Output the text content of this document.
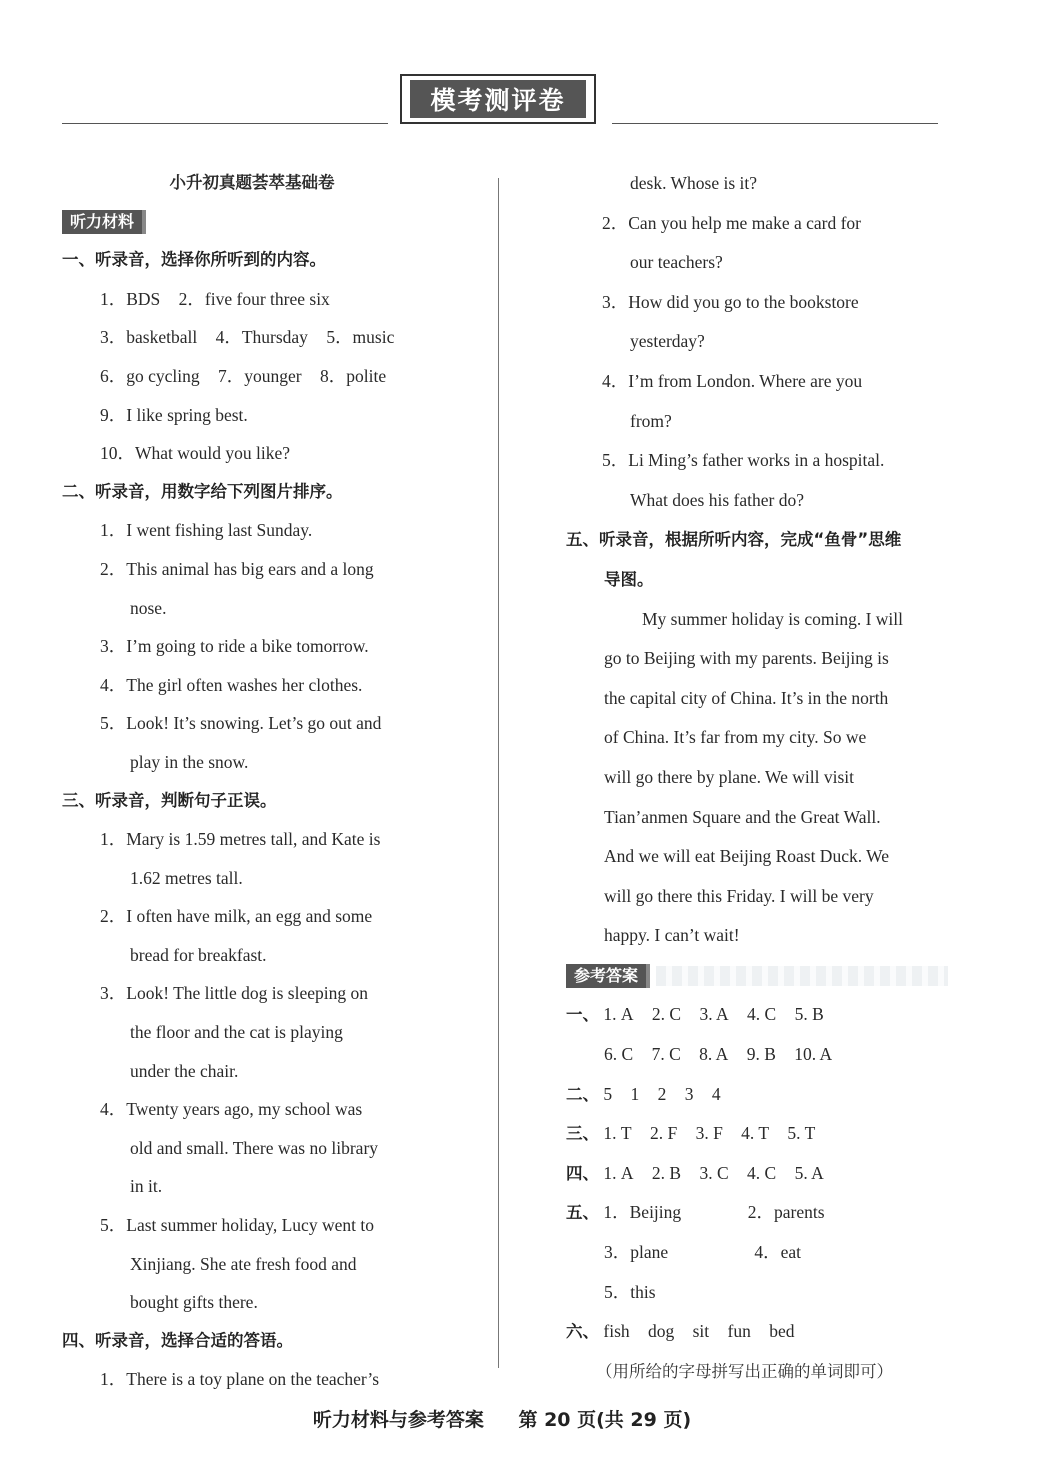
模考测评卷
小升初真题荟萃基础卷
听力材料
一、听录音，选择你所听到的内容。
1．BDS 2．five four three six
3．basketball 4．Thursday 5．music
6．go cycling 7．younger 8．polite
9．I like spring best.
10．What would you like?
二、听录音，用数字给下列图片排序。
1．I went fishing last Sunday.
2．This animal has big ears and a long
nose.
3．I’m going to ride a bike tomorrow.
4．The girl often washes her clothes.
5．Look! It’s snowing. Let’s go out and
play in the snow.
三、听录音，判断句子正误。
1．Mary is 1.59 metres tall, and Kate is
1.62 metres tall.
2．I often have milk, an egg and some
bread for breakfast.
3．Look! The little dog is sleeping on
the floor and the cat is playing
under the chair.
4．Twenty years ago, my school was
old and small. There was no library
in it.
5．Last summer holiday, Lucy went to
Xinjiang. She ate fresh food and
bought gifts there.
四、听录音，选择合适的答语。
1．There is a toy plane on the teacher’s
desk. Whose is it?
2．Can you help me make a card for
our teachers?
3．How did you go to the bookstore
yesterday?
4．I’m from London. Where are you
from?
5．Li Ming’s father works in a hospital.
What does his father do?
五、听录音，根据所听内容，完成“鱼骨”思维
导图。
My summer holiday is coming. I will
go to Beijing with my parents. Beijing is
the capital city of China. It’s in the north
of China. It’s far from my city. So we
will go there by plane. We will visit
Tian’anmen Square and the Great Wall.
And we will eat Beijing Roast Duck. We
will go there this Friday. I will be very
happy. I can’t wait!
参考答案
一、 1. A 2. C 3. A 4. C 5. B
6. C 7. C 8. A 9. B 10. A
二、 5 1 2 3 4
三、 1. T 2. F 3. F 4. T 5. T
四、 1. A 2. B 3. C 4. C 5. A
五、 1．Beijing	2．parents
3．plane	4．eat
5．this
六、 fish dog sit fun bed
（用所给的字母拼写出正确的单词即可）
听力材料与参考答案 第 20 页(共 29 页)
